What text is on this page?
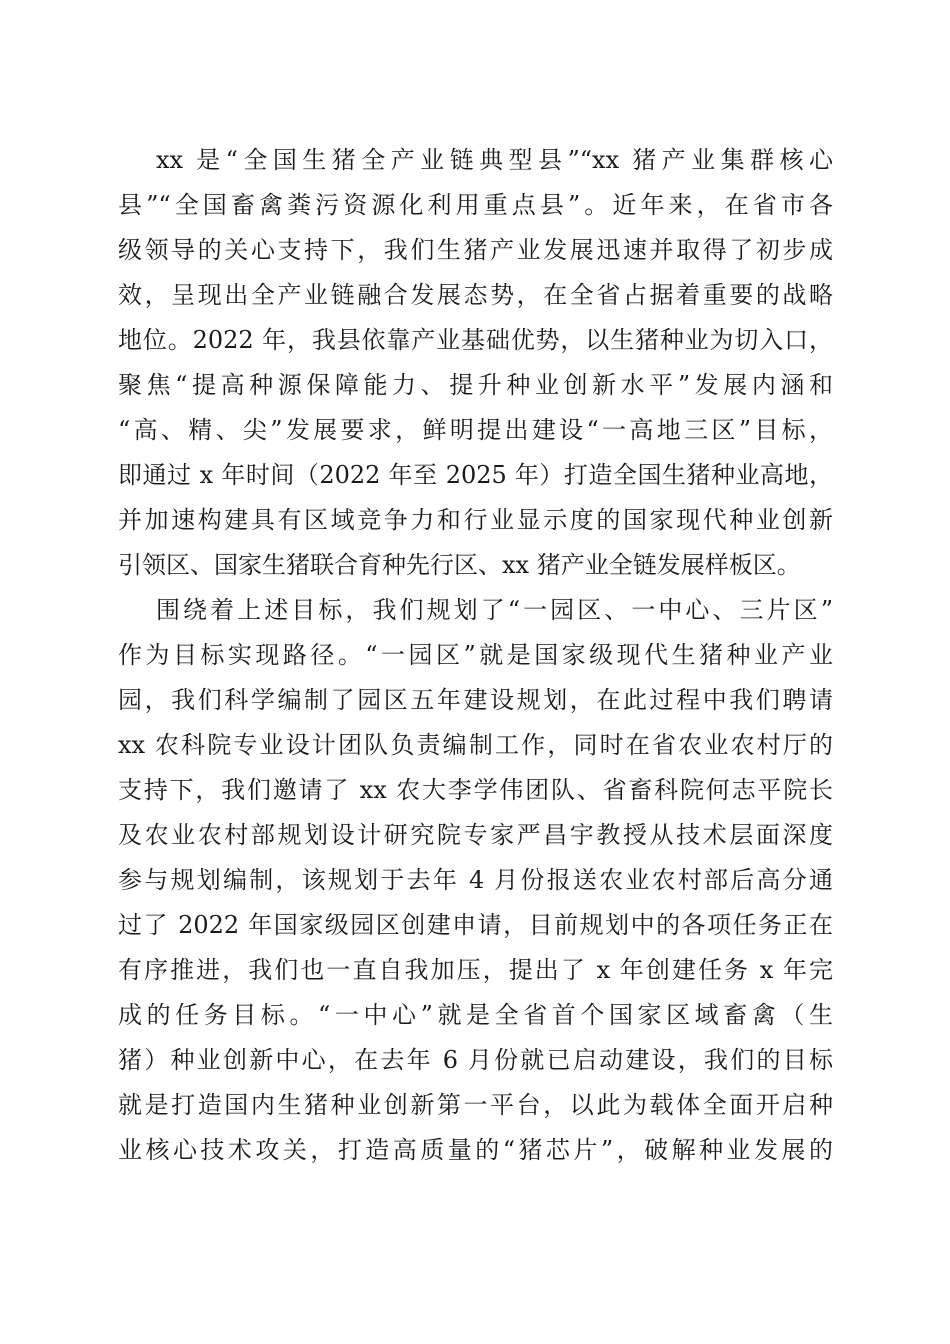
xx 是“全国生猪全产业链典型县”“xx 猪产业集群核心
县”“全国畜禽粪污资源化利用重点县”。近年来，在省市各
级领导的关心支持下，我们生猪产业发展迅速并取得了初步成
效，呈现出全产业链融合发展态势，在全省占据着重要的战略
地位。2022 年，我县依靠产业基础优势，以生猪种业为切入口，
聚焦“提高种源保障能力、提升种业创新水平”发展内涵和
“高、精、尖”发展要求，鲜明提出建设“一高地三区”目标，
即通过 x 年时间（2022 年至 2025 年）打造全国生猪种业高地，
并加速构建具有区域竞争力和行业显示度的国家现代种业创新
引领区、国家生猪联合育种先行区、xx 猪产业全链发展样板区。
围绕着上述目标，我们规划了“一园区、一中心、三片区”
作为目标实现路径。“一园区”就是国家级现代生猪种业产业
园，我们科学编制了园区五年建设规划，在此过程中我们聘请
xx 农科院专业设计团队负责编制工作，同时在省农业农村厅的
支持下，我们邀请了 xx 农大李学伟团队、省畜科院何志平院长
及农业农村部规划设计研究院专家严昌宇教授从技术层面深度
参与规划编制，该规划于去年 4 月份报送农业农村部后高分通
过了 2022 年国家级园区创建申请，目前规划中的各项任务正在
有序推进，我们也一直自我加压，提出了 x 年创建任务 x 年完
成的任务目标。“一中心”就是全省首个国家区域畜禽（生
猪）种业创新中心，在去年 6 月份就已启动建设，我们的目标
就是打造国内生猪种业创新第一平台，以此为载体全面开启种
业核心技术攻关，打造高质量的“猪芯片”，破解种业发展的
